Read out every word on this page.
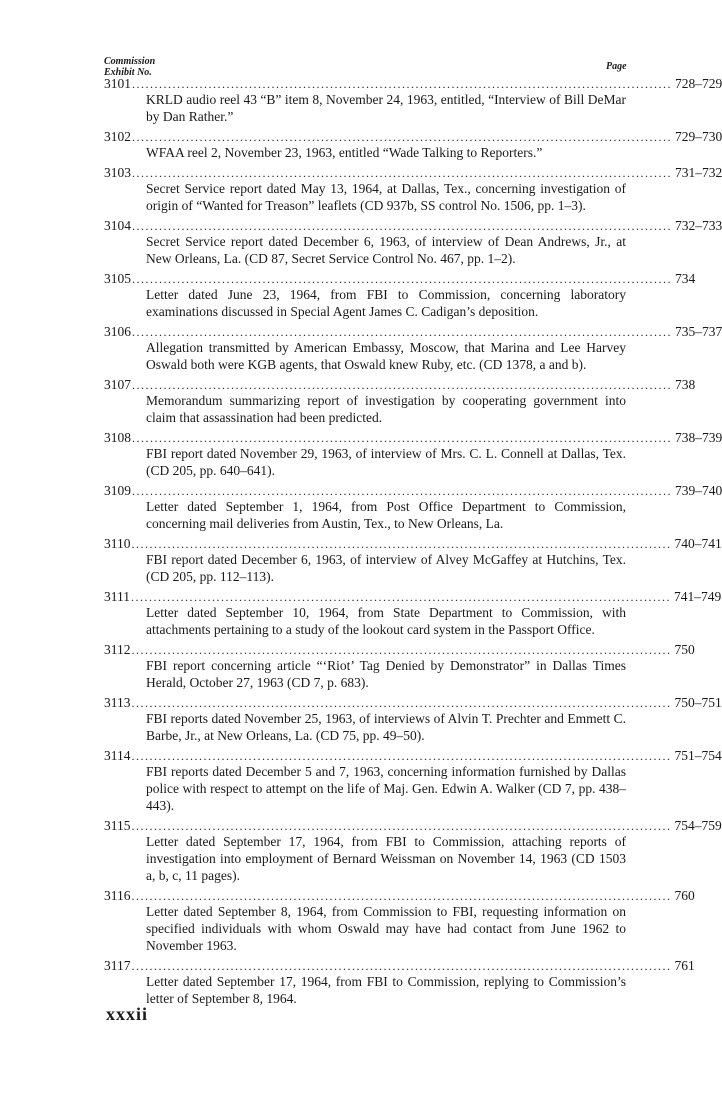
Commission
Exhibit No.
Page
3101 ........................................................................................................................ 728–729
KRLD audio reel 43 “B” item 8, November 24, 1963, entitled, “Interview of Bill DeMar by Dan Rather.”
3102 ........................................................................................................................ 729–730
WFAA reel 2, November 23, 1963, entitled “Wade Talking to Reporters.”
3103 ........................................................................................................................ 731–732
Secret Service report dated May 13, 1964, at Dallas, Tex., concerning investigation of origin of “Wanted for Treason” leaflets (CD 937b, SS control No. 1506, pp. 1–3).
3104 ........................................................................................................................ 732–733
Secret Service report dated December 6, 1963, of interview of Dean Andrews, Jr., at New Orleans, La. (CD 87, Secret Service Control No. 467, pp. 1–2).
3105 ........................................................................................................................ 734
Letter dated June 23, 1964, from FBI to Commission, concerning laboratory examinations discussed in Special Agent James C. Cadigan’s deposition.
3106 ........................................................................................................................ 735–737
Allegation transmitted by American Embassy, Moscow, that Marina and Lee Harvey Oswald both were KGB agents, that Oswald knew Ruby, etc. (CD 1378, a and b).
3107 ........................................................................................................................ 738
Memorandum summarizing report of investigation by cooperating government into claim that assassination had been predicted.
3108 ........................................................................................................................ 738–739
FBI report dated November 29, 1963, of interview of Mrs. C. L. Connell at Dallas, Tex. (CD 205, pp. 640–641).
3109 ........................................................................................................................ 739–740
Letter dated September 1, 1964, from Post Office Department to Commission, concerning mail deliveries from Austin, Tex., to New Orleans, La.
3110 ........................................................................................................................ 740–741
FBI report dated December 6, 1963, of interview of Alvey McGaffey at Hutchins, Tex. (CD 205, pp. 112–113).
3111 ........................................................................................................................ 741–749
Letter dated September 10, 1964, from State Department to Commission, with attachments pertaining to a study of the lookout card system in the Passport Office.
3112 ........................................................................................................................ 750
FBI report concerning article “‘Riot’ Tag Denied by Demonstrator” in Dallas Times Herald, October 27, 1963 (CD 7, p. 683).
3113 ........................................................................................................................ 750–751
FBI reports dated November 25, 1963, of interviews of Alvin T. Prechter and Emmett C. Barbe, Jr., at New Orleans, La. (CD 75, pp. 49–50).
3114 ........................................................................................................................ 751–754
FBI reports dated December 5 and 7, 1963, concerning information furnished by Dallas police with respect to attempt on the life of Maj. Gen. Edwin A. Walker (CD 7, pp. 438–443).
3115 ........................................................................................................................ 754–759
Letter dated September 17, 1964, from FBI to Commission, attaching reports of investigation into employment of Bernard Weissman on November 14, 1963 (CD 1503 a, b, c, 11 pages).
3116 ........................................................................................................................ 760
Letter dated September 8, 1964, from Commission to FBI, requesting information on specified individuals with whom Oswald may have had contact from June 1962 to November 1963.
3117 ........................................................................................................................ 761
Letter dated September 17, 1964, from FBI to Commission, replying to Commission’s letter of September 8, 1964.
xxxii
